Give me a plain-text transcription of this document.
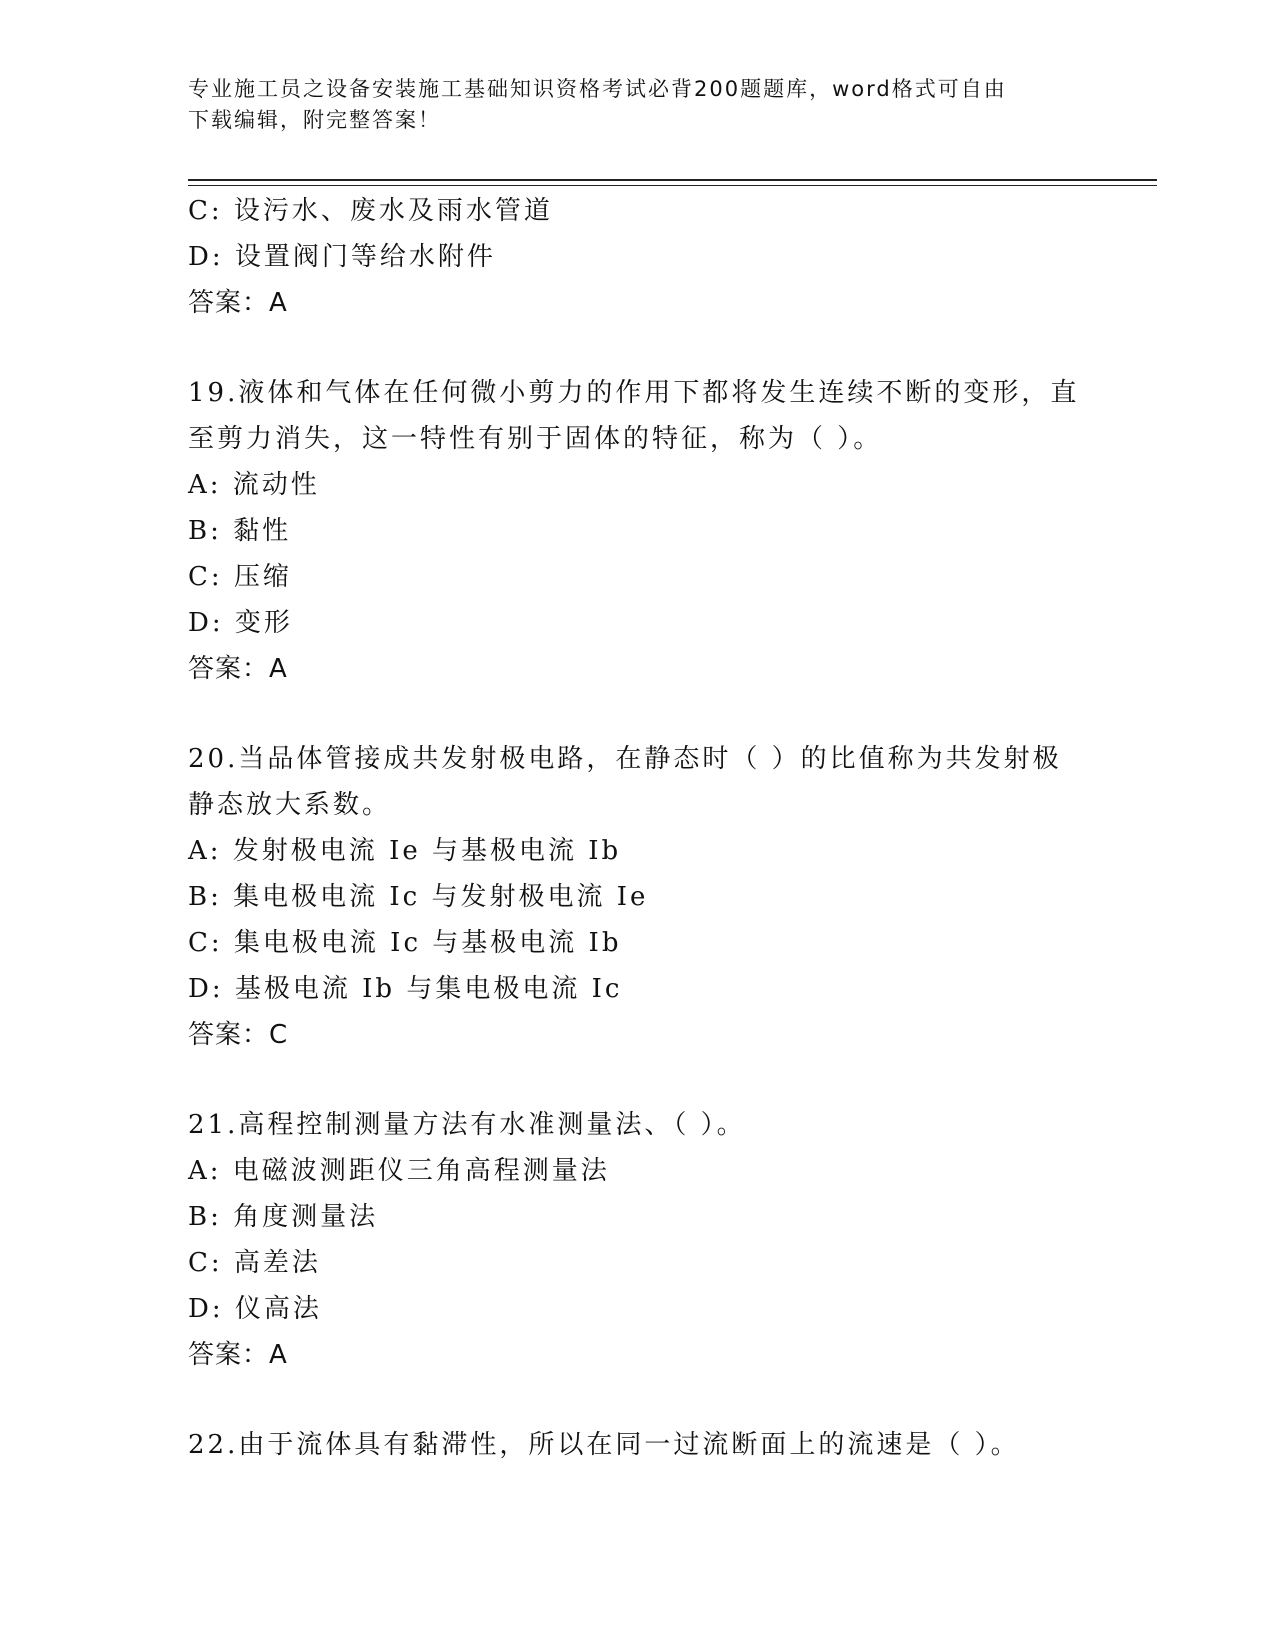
专业施工员之设备安装施工基础知识资格考试必背200题题库，word格式可自由
下载编辑，附完整答案！
C: 设污水、废水及雨水管道
D: 设置阀门等给水附件
答案：A
19.液体和气体在任何微小剪力的作用下都将发生连续不断的变形，直
至剪力消失，这一特性有别于固体的特征，称为（ ）。
A: 流动性
B: 黏性
C: 压缩
D: 变形
答案：A
20.当品体管接成共发射极电路，在静态时（ ）的比值称为共发射极
静态放大系数。
A: 发射极电流 Ie 与基极电流 Ib
B: 集电极电流 Ic 与发射极电流 Ie
C: 集电极电流 Ic 与基极电流 Ib
D: 基极电流 Ib 与集电极电流 Ic
答案：C
21.高程控制测量方法有水准测量法、（ ）。
A: 电磁波测距仪三角高程测量法
B: 角度测量法
C: 高差法
D: 仪高法
答案：A
22.由于流体具有黏滞性，所以在同一过流断面上的流速是（ ）。
